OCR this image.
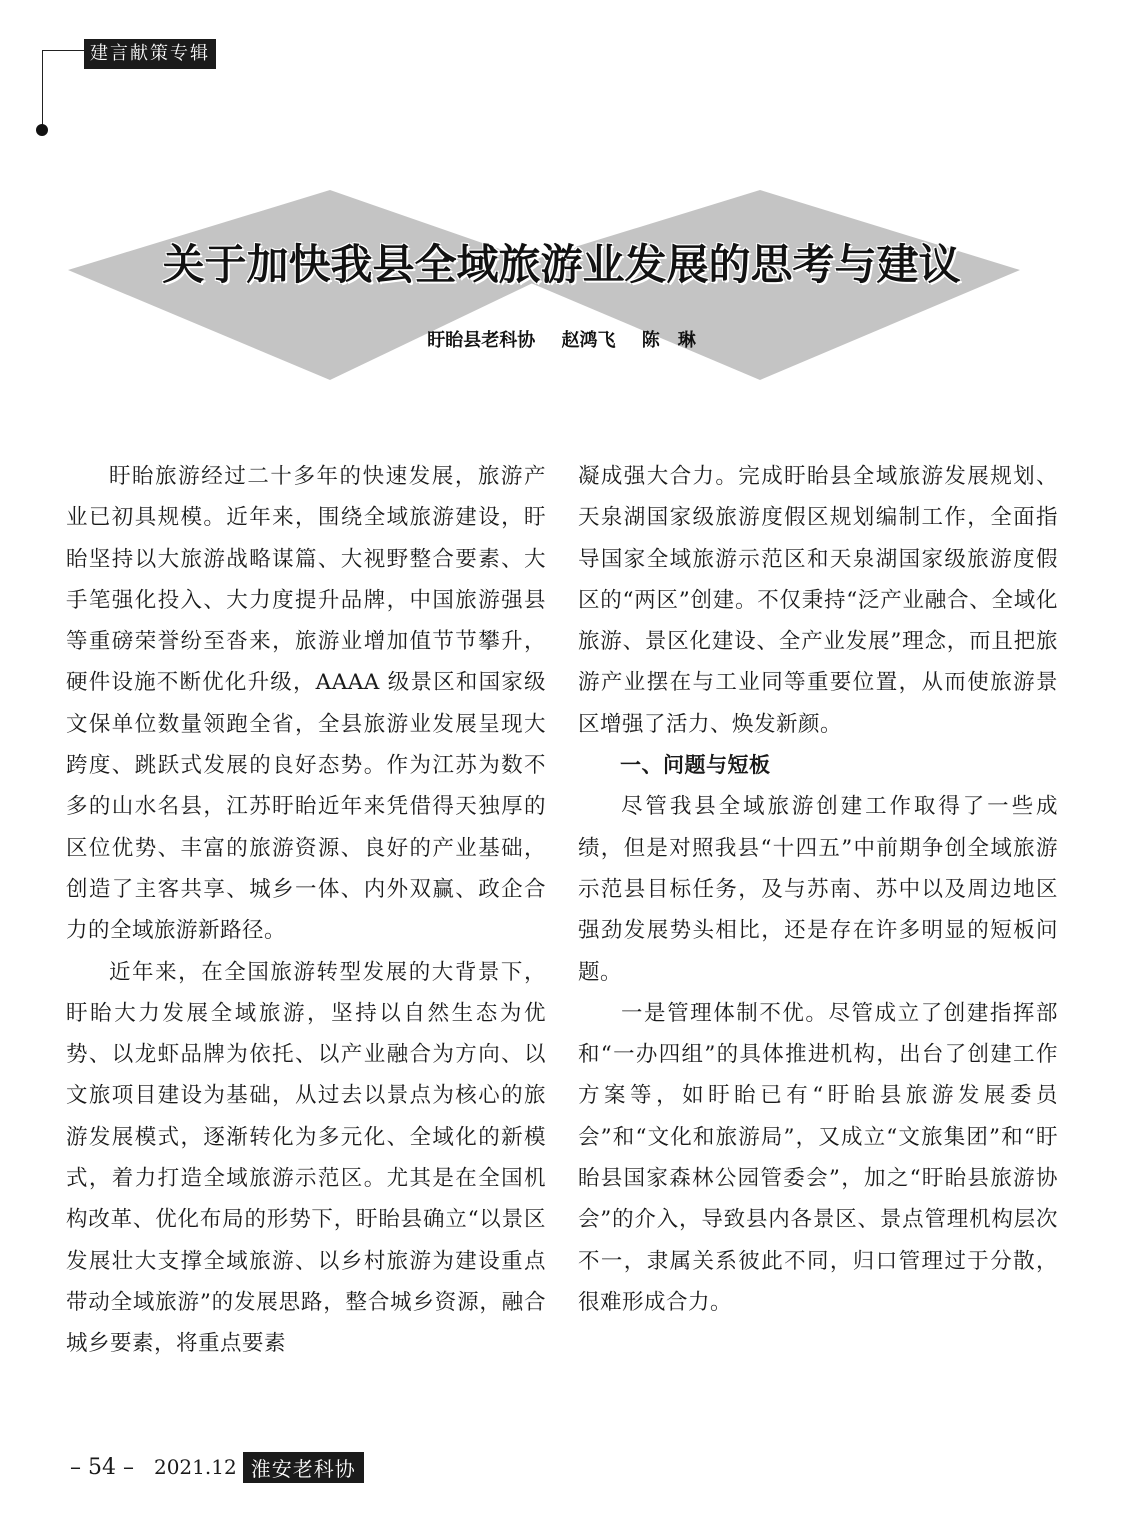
建言献策专辑
关于加快我县全域旅游业发展的思考与建议
盱眙县老科协 赵鸿飞 陈　琳

盱眙旅游经过二十多年的快速发展，旅游产业已初具规模。近年来，围绕全域旅游建设，盱眙坚持以大旅游战略谋篇、大视野整合要素、大手笔强化投入、大力度提升品牌，中国旅游强县等重磅荣誉纷至沓来，旅游业增加值节节攀升，硬件设施不断优化升级，AAAA 级景区和国家级文保单位数量领跑全省，全县旅游业发展呈现大跨度、跳跃式发展的良好态势。作为江苏为数不多的山水名县，江苏盱眙近年来凭借得天独厚的区位优势、丰富的旅游资源、良好的产业基础，创造了主客共享、城乡一体、内外双赢、政企合力的全域旅游新路径。

近年来，在全国旅游转型发展的大背景下，盱眙大力发展全域旅游，坚持以自然生态为优势、以龙虾品牌为依托、以产业融合为方向、以文旅项目建设为基础，从过去以景点为核心的旅游发展模式，逐渐转化为多元化、全域化的新模式，着力打造全域旅游示范区。尤其是在全国机构改革、优化布局的形势下，盱眙县确立“以景区发展壮大支撑全域旅游、以乡村旅游为建设重点带动全域旅游”的发展思路，整合城乡资源，融合城乡要素，将重点要素

凝成强大合力。完成盱眙县全域旅游发展规划、天泉湖国家级旅游度假区规划编制工作，全面指导国家全域旅游示范区和天泉湖国家级旅游度假区的“两区”创建。不仅秉持“泛产业融合、全域化旅游、景区化建设、全产业发展”理念，而且把旅游产业摆在与工业同等重要位置，从而使旅游景区增强了活力、焕发新颜。

一、问题与短板

尽管我县全域旅游创建工作取得了一些成绩，但是对照我县“十四五”中前期争创全域旅游示范县目标任务，及与苏南、苏中以及周边地区强劲发展势头相比，还是存在许多明显的短板问题。

一是管理体制不优。尽管成立了创建指挥部和“一办四组”的具体推进机构，出台了创建工作方案等，如盱眙已有“盱眙县旅游发展委员会”和“文化和旅游局”，又成立“文旅集团”和“盱眙县国家森林公园管委会”，加之“盱眙县旅游协会”的介入，导致县内各景区、景点管理机构层次不一，隶属关系彼此不同，归口管理过于分散，很难形成合力。

– 54 – 2021.12 淮安老科协
